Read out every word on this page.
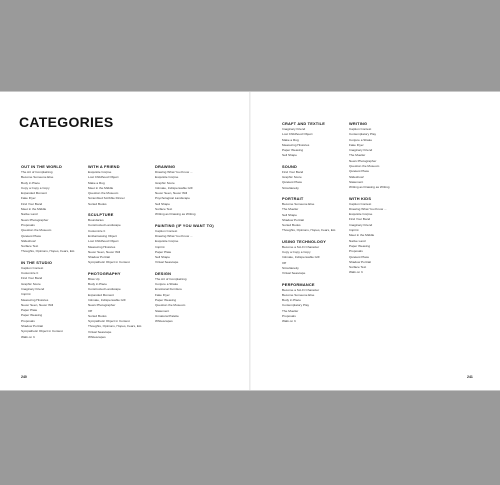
CATEGORIES
OUT IN THE WORLD
The Art of Complaining
Become Someone Else
Body in Place
Copy a Copy a Copy
Expanded Moment
Fake Flyer
Find Your Band
Meet in the Middle
Native Land
News Photographer
Proposals
Question the Museum
Quietest Place
Slideshow!
Surface Text
Thoughts, Opinions, Hopes, Fears, Etc.
IN THE STUDIO
Caption Contest
Customize It
Find Your Band
Graphic Score
Imaginary Friend
Imprint
Measuring Histories
Never Seen, Never Will
Paper Plate
Paper Weaving
Proposals
Shadow Portrait
Sympathetic Object in Contest
Walk on It
WITH A FRIEND
Exquisite Corpse
Lost Childhood Object
Make a Rug
Meet in the Middle
Question the Museum
Scrambled Scribble Dinner
Sorted Books
SCULPTURE
Boundaries
Constructed Landscape
Customize It
Embarrassing Object
Lost Childhood Object
Measuring Histories
Never Seen, Never Will
Shadow Portrait
Sympathetic Object in Contest
PHOTOGRAPHY
Blow Up
Body in Place
Constructed Landscape
Expanded Moment
Intimate, Indispensable GIF
News Photographer
Off
Sorted Books
Sympathetic Object in Contest
Thoughts, Opinions, Hopes, Fears, Etc.
Virtual Seascape
Whitescapes
DRAWING
Drawing What You Know ...
Exquisite Corpse
Graphic Score
Intimate, Indispensable GIF
Never Seen, Never Will
Psychological Landscape
Sell Shape
Surface Text
Writing as Drawing as Writing
PAINTING (IF YOU WANT TO)
Caption Contest
Drawing What You Know ...
Exquisite Corpse
Imprint
Paper Plate
Sell Shape
Virtual Seascape
DESIGN
The Art of Complaining
Conjure a Shake
Emotional Furniture
Fake Flyer
Paper Weaving
Question the Museum
Statement
Unnatural Palette
Whitescapes
CRAFT AND TEXTILE
Imaginary Friend
Lost Childhood Object
Make a Rug
Measuring Histories
Paper Weaving
Sell Shape
SOUND
Find Your Band
Graphic Score
Quietest Place
Simultaneity
PORTRAIT
Become Someone Else
The Mueller
Sell Shape
Shadow Portrait
Sorted Books
Thoughts, Opinions, Hopes, Fears, Etc.
USING TECHNOLOGY
Become a Sci-Fi Character
Copy a Copy a Copy
Intimate, Indispensable GIF
Off
Simultaneity
Virtual Seascape
PERFORMANCE
Become a Sci-Fi Character
Become Someone Else
Body in Place
Contemplatory Play
The Mueller
Proposals
Walk on It
WRITING
Caption Contest
Contemplatory Play
Conjure a Shake
Fake Flyer
Imaginary Friend
The Mueller
News Photographer
Question the Museum
Quietest Place
Slideshow!
Statement
Writing as Drawing as Writing
WITH KIDS
Caption Contest
Drawing What You Know ...
Exquisite Corpse
Find Your Band
Imaginary Friend
Imprint
Meet in the Middle
Native Land
Paper Weaving
Proposals
Quietest Place
Shadow Portrait
Surface Text
Walk on It
240	241
